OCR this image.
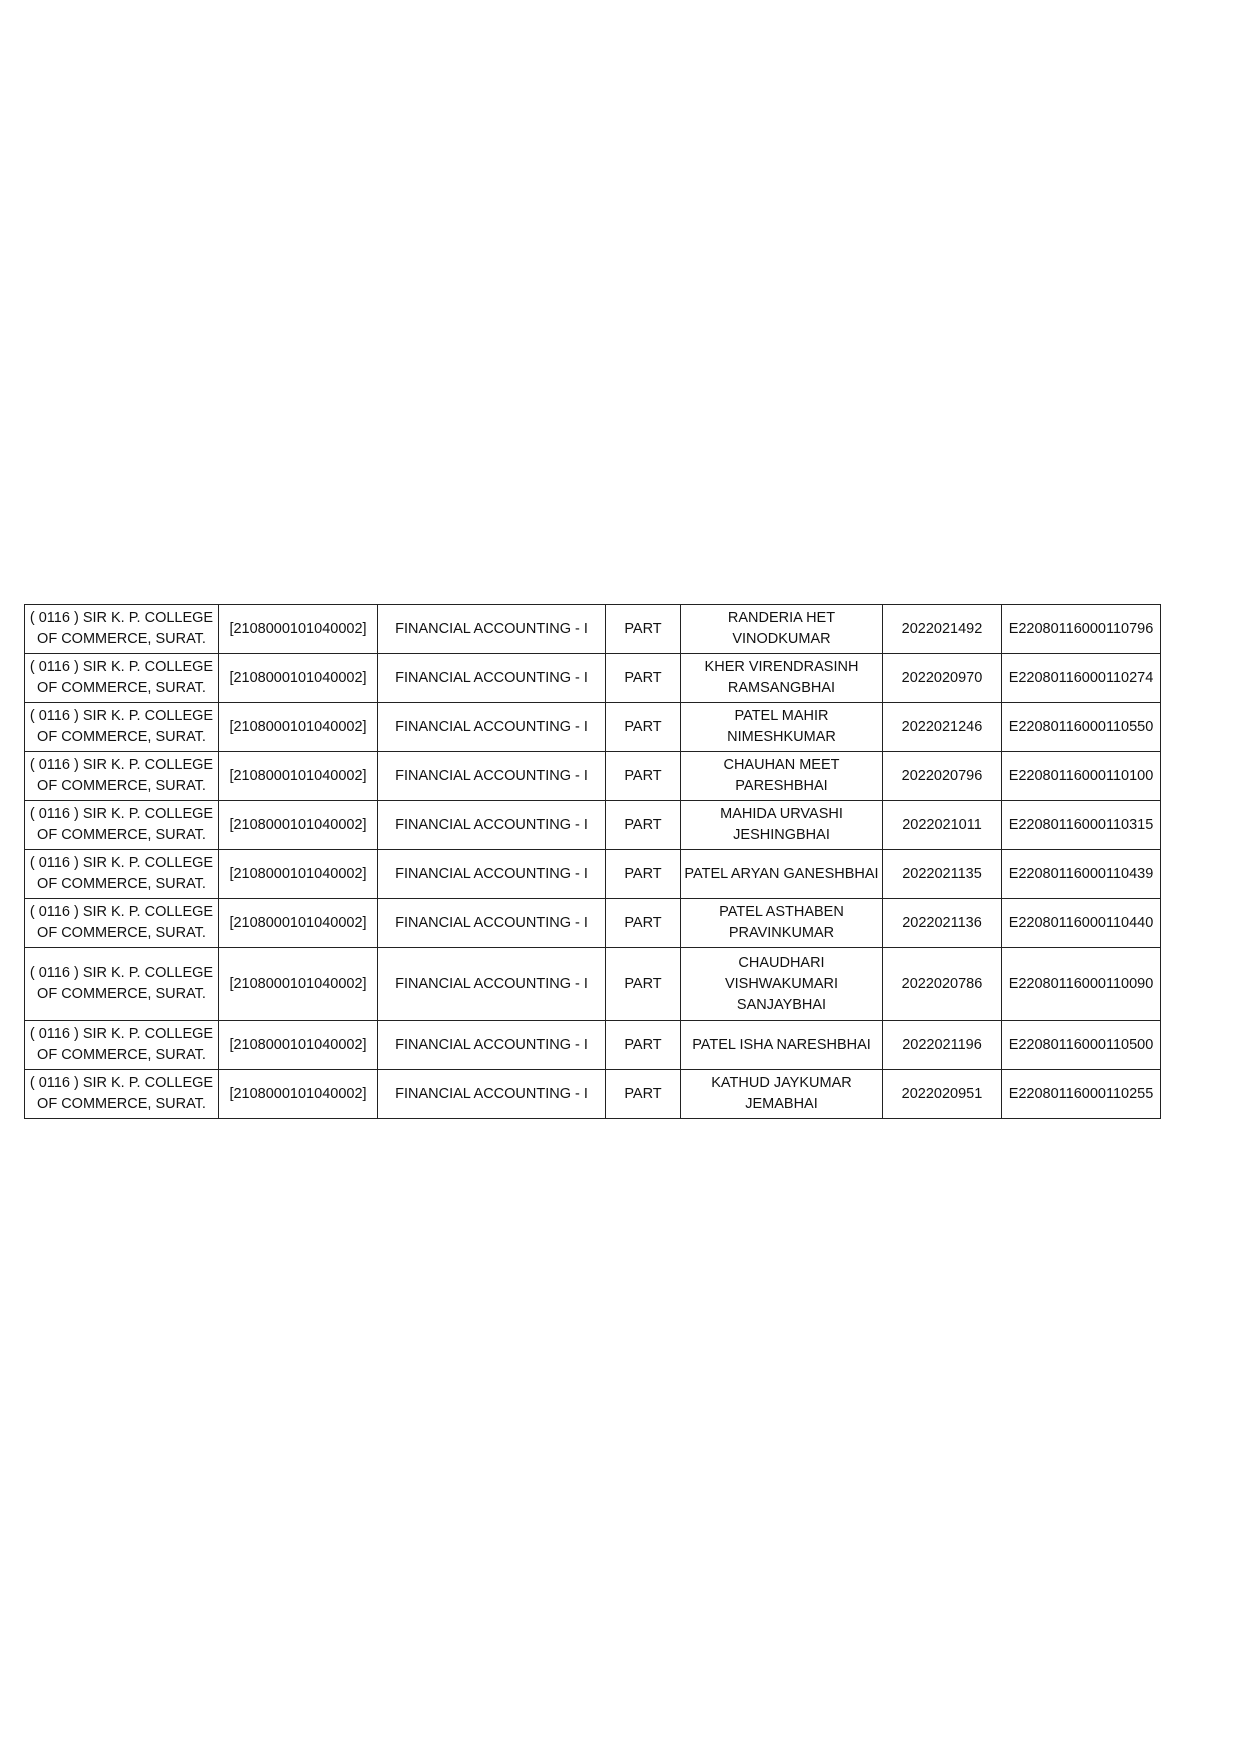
( 0116 ) SIR K. P. COLLEGE OF COMMERCE, SURAT.	[2108000101040002]	FINANCIAL ACCOUNTING - I	PART	RANDERIA HET VINODKUMAR	2022021492	E22080116000110796
( 0116 ) SIR K. P. COLLEGE OF COMMERCE, SURAT.	[2108000101040002]	FINANCIAL ACCOUNTING - I	PART	KHER VIRENDRASINH RAMSANGBHAI	2022020970	E22080116000110274
( 0116 ) SIR K. P. COLLEGE OF COMMERCE, SURAT.	[2108000101040002]	FINANCIAL ACCOUNTING - I	PART	PATEL MAHIR NIMESHKUMAR	2022021246	E22080116000110550
( 0116 ) SIR K. P. COLLEGE OF COMMERCE, SURAT.	[2108000101040002]	FINANCIAL ACCOUNTING - I	PART	CHAUHAN MEET PARESHBHAI	2022020796	E22080116000110100
( 0116 ) SIR K. P. COLLEGE OF COMMERCE, SURAT.	[2108000101040002]	FINANCIAL ACCOUNTING - I	PART	MAHIDA URVASHI JESHINGBHAI	2022021011	E22080116000110315
( 0116 ) SIR K. P. COLLEGE OF COMMERCE, SURAT.	[2108000101040002]	FINANCIAL ACCOUNTING - I	PART	PATEL ARYAN GANESHBHAI	2022021135	E22080116000110439
( 0116 ) SIR K. P. COLLEGE OF COMMERCE, SURAT.	[2108000101040002]	FINANCIAL ACCOUNTING - I	PART	PATEL ASTHABEN PRAVINKUMAR	2022021136	E22080116000110440
( 0116 ) SIR K. P. COLLEGE OF COMMERCE, SURAT.	[2108000101040002]	FINANCIAL ACCOUNTING - I	PART	CHAUDHARI VISHWAKUMARI SANJAYBHAI	2022020786	E22080116000110090
( 0116 ) SIR K. P. COLLEGE OF COMMERCE, SURAT.	[2108000101040002]	FINANCIAL ACCOUNTING - I	PART	PATEL ISHA NARESHBHAI	2022021196	E22080116000110500
( 0116 ) SIR K. P. COLLEGE OF COMMERCE, SURAT.	[2108000101040002]	FINANCIAL ACCOUNTING - I	PART	KATHUD JAYKUMAR JEMABHAI	2022020951	E22080116000110255
